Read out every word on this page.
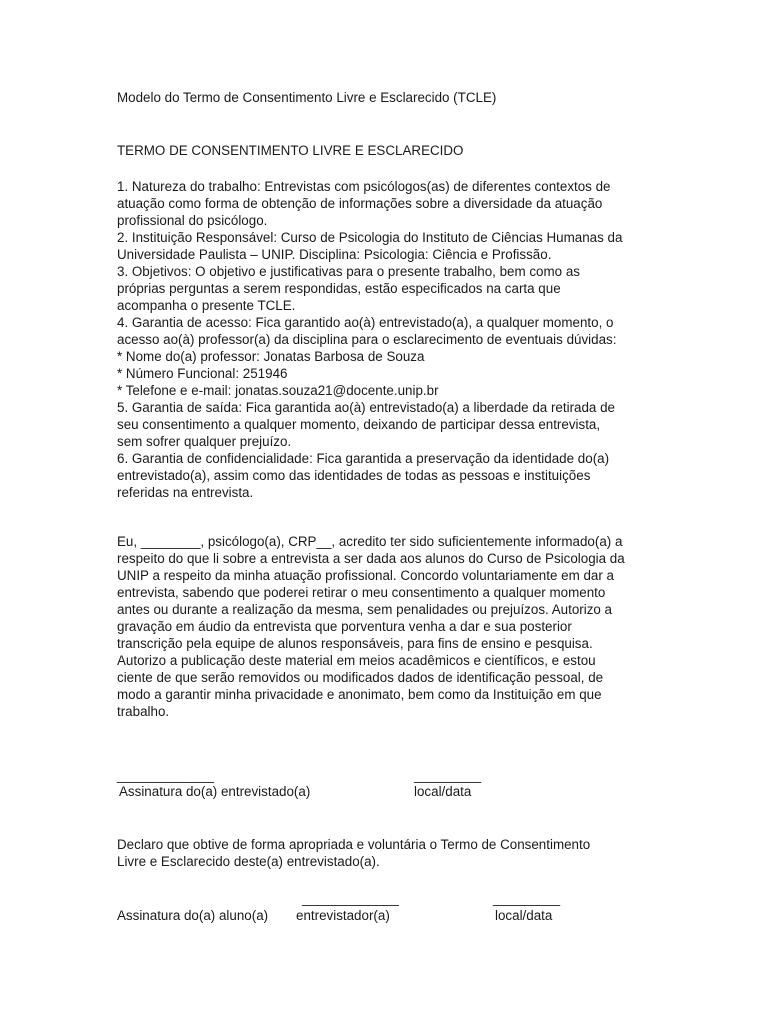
Modelo do Termo de Consentimento Livre e Esclarecido (TCLE)

TERMO DE CONSENTIMENTO LIVRE E ESCLARECIDO

1. Natureza do trabalho: Entrevistas com psicólogos(as) de diferentes contextos de
atuação como forma de obtenção de informações sobre a diversidade da atuação
profissional do psicólogo.
2. Instituição Responsável: Curso de Psicologia do Instituto de Ciências Humanas da
Universidade Paulista – UNIP. Disciplina: Psicologia: Ciência e Profissão.
3. Objetivos: O objetivo e justificativas para o presente trabalho, bem como as
próprias perguntas a serem respondidas, estão especificados na carta que
acompanha o presente TCLE.
4. Garantia de acesso: Fica garantido ao(à) entrevistado(a), a qualquer momento, o
acesso ao(à) professor(a) da disciplina para o esclarecimento de eventuais dúvidas:
* Nome do(a) professor: Jonatas Barbosa de Souza
* Número Funcional: 251946
* Telefone e e-mail: jonatas.souza21@docente.unip.br
5. Garantia de saída: Fica garantida ao(à) entrevistado(a) a liberdade da retirada de
seu consentimento a qualquer momento, deixando de participar dessa entrevista,
sem sofrer qualquer prejuízo.
6. Garantia de confidencialidade: Fica garantida a preservação da identidade do(a)
entrevistado(a), assim como das identidades de todas as pessoas e instituições
referidas na entrevista.
Eu, ________, psicólogo(a), CRP__, acredito ter sido suficientemente informado(a) a
respeito do que li sobre a entrevista a ser dada aos alunos do Curso de Psicologia da
UNIP a respeito da minha atuação profissional. Concordo voluntariamente em dar a
entrevista, sabendo que poderei retirar o meu consentimento a qualquer momento
antes ou durante a realização da mesma, sem penalidades ou prejuízos. Autorizo a
gravação em áudio da entrevista que porventura venha a dar e sua posterior
transcrição pela equipe de alunos responsáveis, para fins de ensino e pesquisa.
Autorizo a publicação deste material em meios acadêmicos e científicos, e estou
ciente de que serão removidos ou modificados dados de identificação pessoal, de
modo a garantir minha privacidade e anonimato, bem como da Instituição em que
trabalho.
_____________	_________
Assinatura do(a) entrevistado(a)	local/data
Declaro que obtive de forma apropriada e voluntária o Termo de Consentimento
Livre e Esclarecido deste(a) entrevistado(a).
_____________	_________
Assinatura do(a) aluno(a) entrevistador(a)	local/data
